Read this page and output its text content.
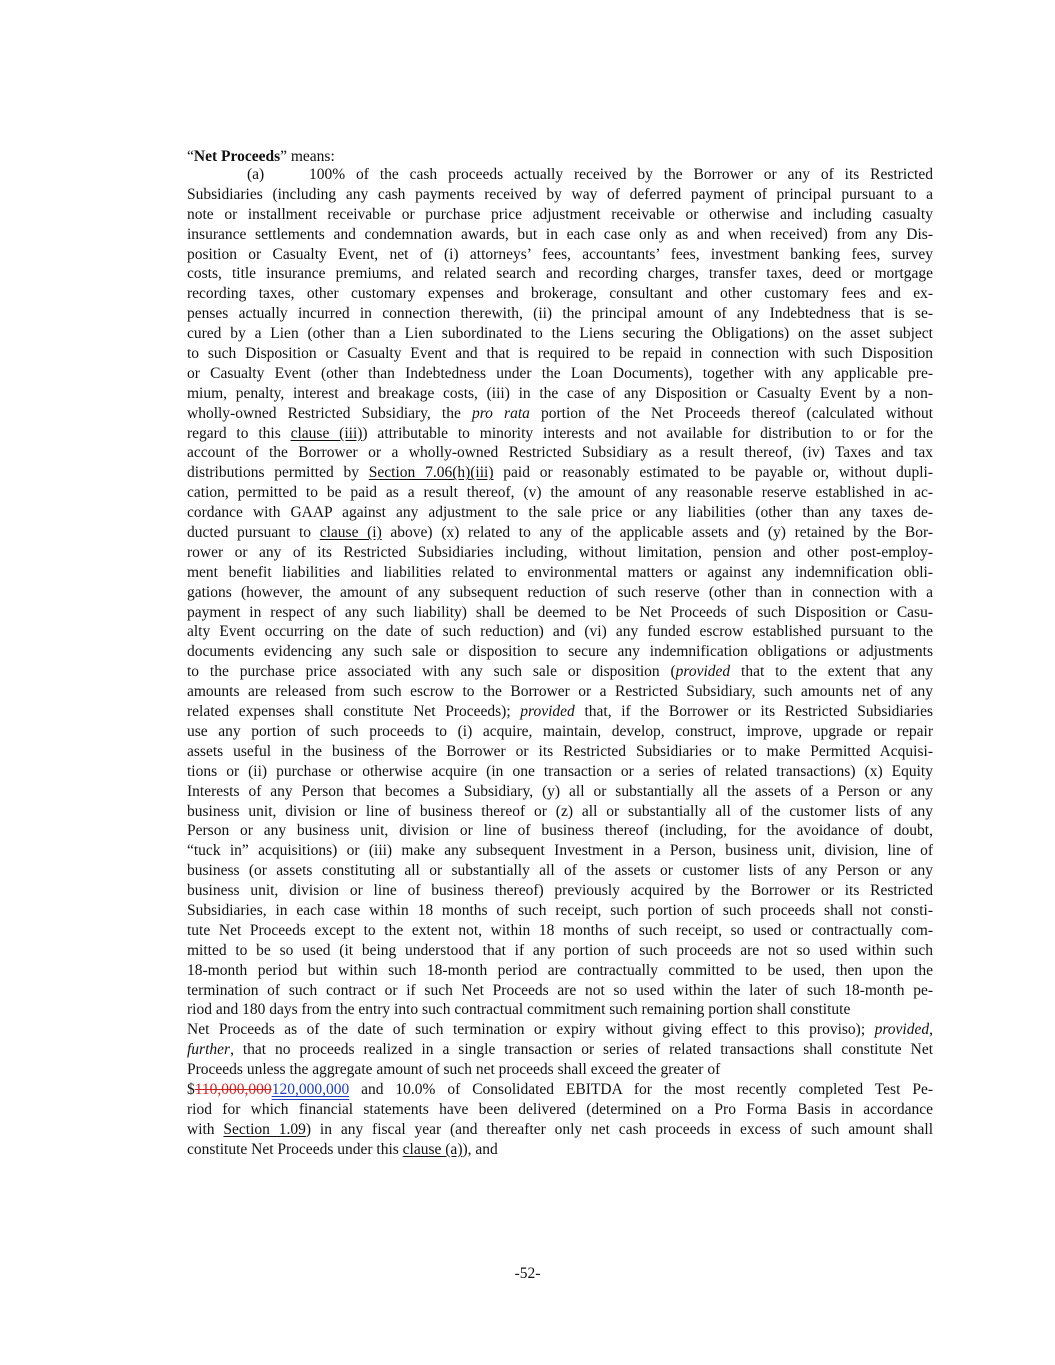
“Net Proceeds” means:
(a)	100% of the cash proceeds actually received by the Borrower or any of its Restricted
Subsidiaries (including any cash payments received by way of deferred payment of principal pursuant to a
note or installment receivable or purchase price adjustment receivable or otherwise and including casualty
insurance settlements and condemnation awards, but in each case only as and when received) from any Dis-
position or Casualty Event, net of (i) attorneys’ fees, accountants’ fees, investment banking fees, survey
costs, title insurance premiums, and related search and recording charges, transfer taxes, deed or mortgage
recording taxes, other customary expenses and brokerage, consultant and other customary fees and ex-
penses actually incurred in connection therewith, (ii) the principal amount of any Indebtedness that is se-
cured by a Lien (other than a Lien subordinated to the Liens securing the Obligations) on the asset subject
to such Disposition or Casualty Event and that is required to be repaid in connection with such Disposition
or Casualty Event (other than Indebtedness under the Loan Documents), together with any applicable pre-
mium, penalty, interest and breakage costs, (iii) in the case of any Disposition or Casualty Event by a non-
wholly-owned Restricted Subsidiary, the pro rata portion of the Net Proceeds thereof (calculated without
regard to this clause (iii)) attributable to minority interests and not available for distribution to or for the
account of the Borrower or a wholly-owned Restricted Subsidiary as a result thereof, (iv) Taxes and tax
distributions permitted by Section 7.06(h)(iii) paid or reasonably estimated to be payable or, without dupli-
cation, permitted to be paid as a result thereof, (v) the amount of any reasonable reserve established in ac-
cordance with GAAP against any adjustment to the sale price or any liabilities (other than any taxes de-
ducted pursuant to clause (i) above) (x) related to any of the applicable assets and (y) retained by the Bor-
rower or any of its Restricted Subsidiaries including, without limitation, pension and other post-employ-
ment benefit liabilities and liabilities related to environmental matters or against any indemnification obli-
gations (however, the amount of any subsequent reduction of such reserve (other than in connection with a
payment in respect of any such liability) shall be deemed to be Net Proceeds of such Disposition or Casu-
alty Event occurring on the date of such reduction) and (vi) any funded escrow established pursuant to the
documents evidencing any such sale or disposition to secure any indemnification obligations or adjustments
to the purchase price associated with any such sale or disposition (provided that to the extent that any
amounts are released from such escrow to the Borrower or a Restricted Subsidiary, such amounts net of any
related expenses shall constitute Net Proceeds); provided that, if the Borrower or its Restricted Subsidiaries
use any portion of such proceeds to (i) acquire, maintain, develop, construct, improve, upgrade or repair
assets useful in the business of the Borrower or its Restricted Subsidiaries or to make Permitted Acquisi-
tions or (ii) purchase or otherwise acquire (in one transaction or a series of related transactions) (x) Equity
Interests of any Person that becomes a Subsidiary, (y) all or substantially all the assets of a Person or any
business unit, division or line of business thereof or (z) all or substantially all of the customer lists of any
Person or any business unit, division or line of business thereof (including, for the avoidance of doubt,
“tuck in” acquisitions) or (iii) make any subsequent Investment in a Person, business unit, division, line of
business (or assets constituting all or substantially all of the assets or customer lists of any Person or any
business unit, division or line of business thereof) previously acquired by the Borrower or its Restricted
Subsidiaries, in each case within 18 months of such receipt, such portion of such proceeds shall not consti-
tute Net Proceeds except to the extent not, within 18 months of such receipt, so used or contractually com-
mitted to be so used (it being understood that if any portion of such proceeds are not so used within such
18-month period but within such 18-month period are contractually committed to be used, then upon the
termination of such contract or if such Net Proceeds are not so used within the later of such 18-month pe-
riod and 180 days from the entry into such contractual commitment such remaining portion shall constitute
Net Proceeds as of the date of such termination or expiry without giving effect to this proviso); provided,
further, that no proceeds realized in a single transaction or series of related transactions shall constitute Net
Proceeds unless the aggregate amount of such net proceeds shall exceed the greater of
$110,000,000120,000,000 and 10.0% of Consolidated EBITDA for the most recently completed Test Pe-
riod for which financial statements have been delivered (determined on a Pro Forma Basis in accordance
with Section 1.09) in any fiscal year (and thereafter only net cash proceeds in excess of such amount shall
constitute Net Proceeds under this clause (a)), and
-52-
